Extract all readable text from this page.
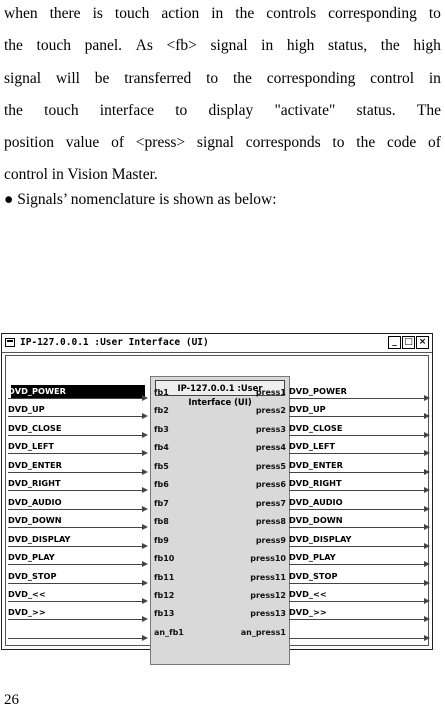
when there is touch action in the controls corresponding to
the touch panel. As <fb> signal in high status, the high
signal will be transferred to the corresponding control in
the touch interface to display "activate" status. The
position value of <press> signal corresponds to the code of
control in Vision Master.
● Signals’ nomenclature is shown as below:
IP-127.0.0.1 :User Interface (UI)	_ □ ×
IP-127.0.0.1 :User Interface (UI)
fb1
fb2
fb3
fb4
fb5
fb6
fb7
fb8
fb9
fb10
fb11
fb12
fb13
an_fb1
press1
press2
press3
press4
press5
press6
press7
press8
press9
press10
press11
press12
press13
an_press1
DVD_POWER
DVD_UP
DVD_CLOSE
DVD_LEFT
DVD_ENTER
DVD_RIGHT
DVD_AUDIO
DVD_DOWN
DVD_DISPLAY
DVD_PLAY
DVD_STOP
DVD_<<
DVD_>>
DVD_POWER
DVD_UP
DVD_CLOSE
DVD_LEFT
DVD_ENTER
DVD_RIGHT
DVD_AUDIO
DVD_DOWN
DVD_DISPLAY
DVD_PLAY
DVD_STOP
DVD_<<
DVD_>>
26
